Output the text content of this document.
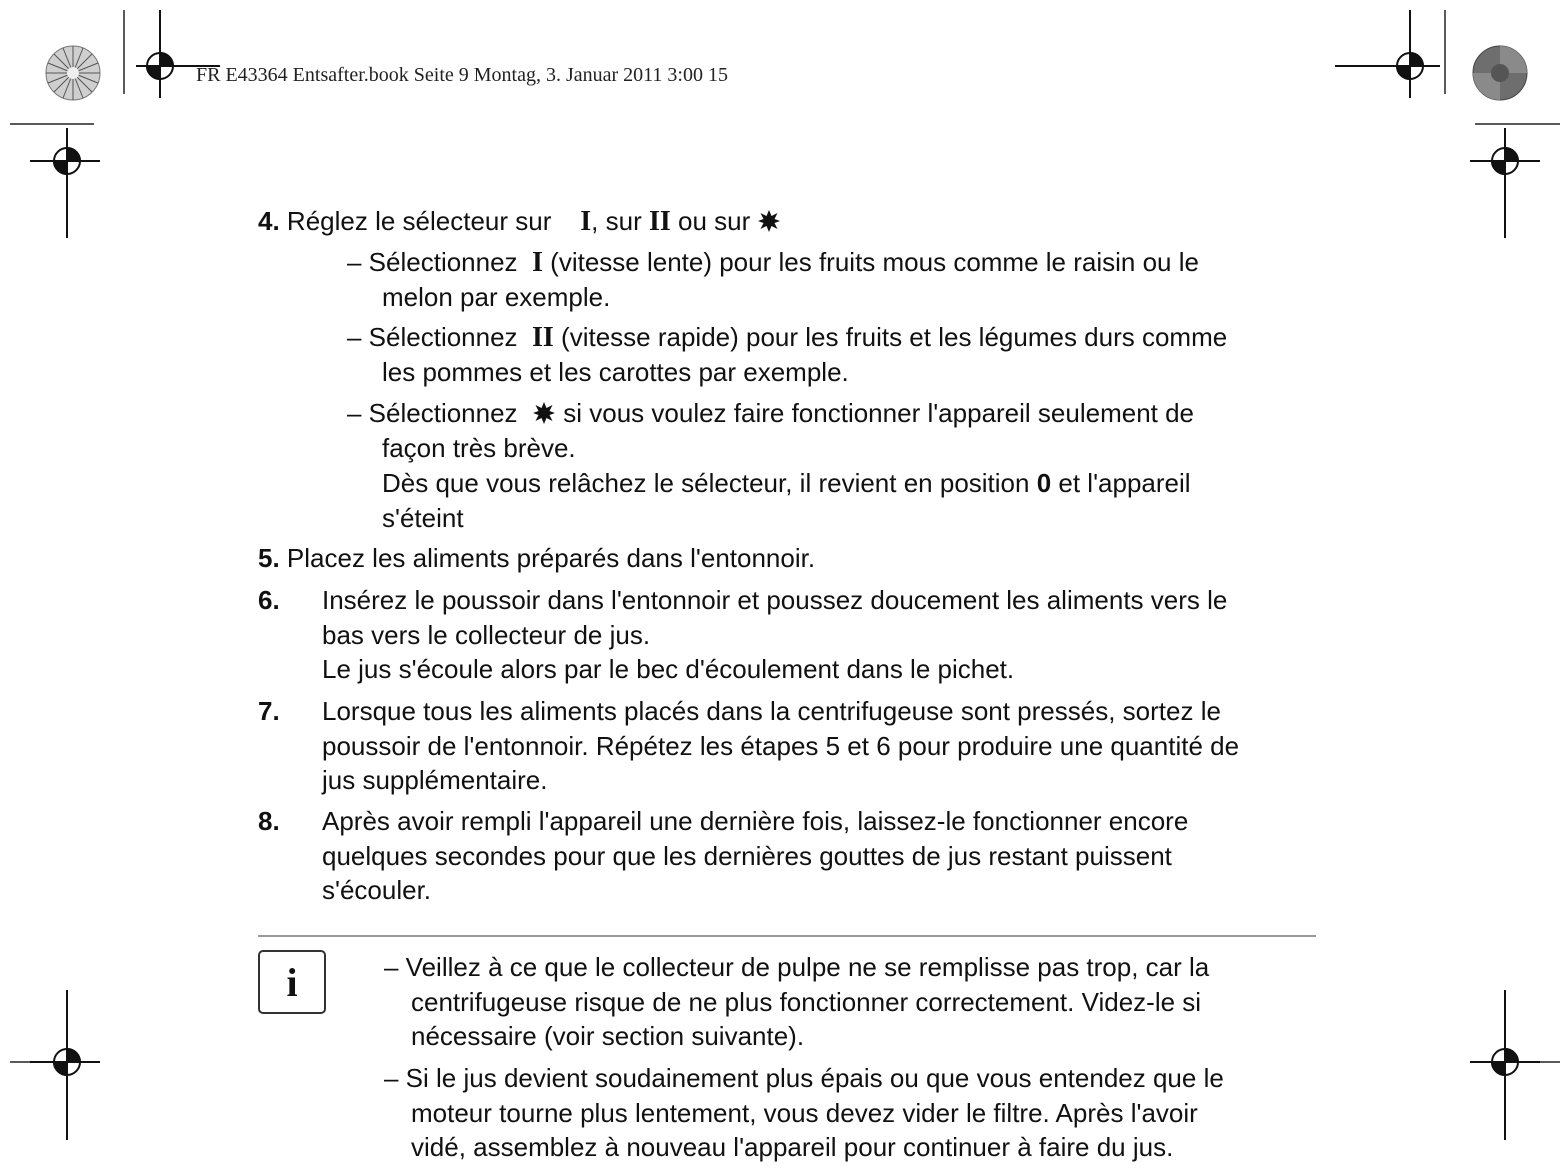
FR E43364 Entsafter.book Seite 9 Montag, 3. Januar 2011 3:00 15
4. Réglez le sélecteur sur    I, sur II ou sur
– Sélectionnez  I (vitesse lente) pour les fruits mous comme le raisin ou le
melon par exemple.
– Sélectionnez  II (vitesse rapide) pour les fruits et les légumes durs comme
les pommes et les carottes par exemple.
– Sélectionnez   si vous voulez faire fonctionner l'appareil seulement de
façon très brève.
Dès que vous relâchez le sélecteur, il revient en position 0 et l'appareil
s'éteint
5. Placez les aliments préparés dans l'entonnoir.
6. Insérez le poussoir dans l'entonnoir et poussez doucement les aliments vers le
bas vers le collecteur de jus.
Le jus s'écoule alors par le bec d'écoulement dans le pichet.
7. Lorsque tous les aliments placés dans la centrifugeuse sont pressés, sortez le
poussoir de l'entonnoir. Répétez les étapes 5 et 6 pour produire une quantité de
jus supplémentaire.
8. Après avoir rempli l'appareil une dernière fois, laissez-le fonctionner encore
quelques secondes pour que les dernières gouttes de jus restant puissent
s'écouler.
i	– Veillez à ce que le collecteur de pulpe ne se remplisse pas trop, car la
centrifugeuse risque de ne plus fonctionner correctement. Videz-le si
nécessaire (voir section suivante).
– Si le jus devient soudainement plus épais ou que vous entendez que le
moteur tourne plus lentement, vous devez vider le filtre. Après l'avoir
vidé, assemblez à nouveau l'appareil pour continuer à faire du jus.
